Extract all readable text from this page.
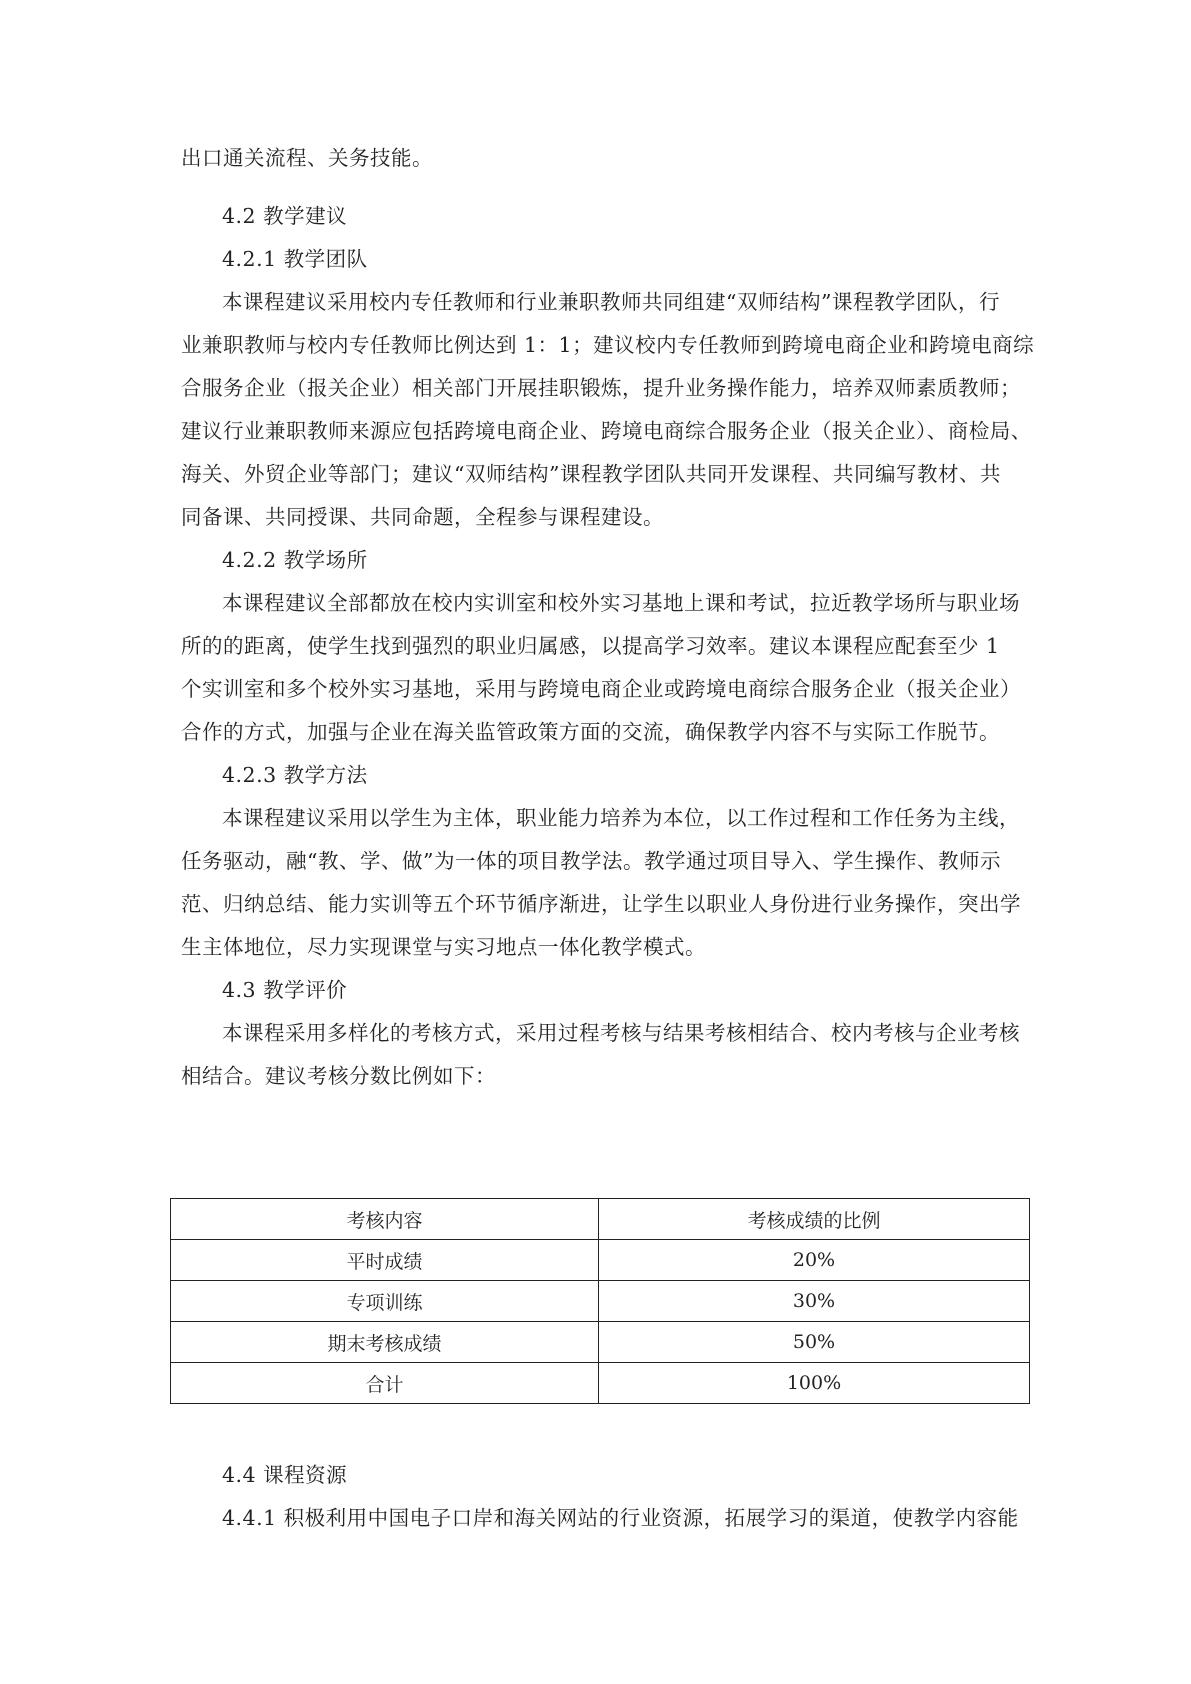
出口通关流程、关务技能。
4.2 教学建议
4.2.1 教学团队
本课程建议采用校内专任教师和行业兼职教师共同组建“双师结构”课程教学团队，行
业兼职教师与校内专任教师比例达到 1：1；建议校内专任教师到跨境电商企业和跨境电商综
合服务企业（报关企业）相关部门开展挂职锻炼，提升业务操作能力，培养双师素质教师；
建议行业兼职教师来源应包括跨境电商企业、跨境电商综合服务企业（报关企业）、商检局、
海关、外贸企业等部门；建议“双师结构”课程教学团队共同开发课程、共同编写教材、共
同备课、共同授课、共同命题，全程参与课程建设。
4.2.2 教学场所
本课程建议全部都放在校内实训室和校外实习基地上课和考试，拉近教学场所与职业场
所的的距离，使学生找到强烈的职业归属感，以提高学习效率。建议本课程应配套至少 1
个实训室和多个校外实习基地，采用与跨境电商企业或跨境电商综合服务企业（报关企业）
合作的方式，加强与企业在海关监管政策方面的交流，确保教学内容不与实际工作脱节。
4.2.3 教学方法
本课程建议采用以学生为主体，职业能力培养为本位，以工作过程和工作任务为主线，
任务驱动，融“教、学、做”为一体的项目教学法。教学通过项目导入、学生操作、教师示
范、归纳总结、能力实训等五个环节循序渐进，让学生以职业人身份进行业务操作，突出学
生主体地位，尽力实现课堂与实习地点一体化教学模式。
4.3 教学评价
本课程采用多样化的考核方式，采用过程考核与结果考核相结合、校内考核与企业考核
相结合。建议考核分数比例如下：
考核内容	考核成绩的比例
平时成绩	20%
专项训练	30%
期末考核成绩	50%
合计	100%
4.4 课程资源
4.4.1 积极利用中国电子口岸和海关网站的行业资源，拓展学习的渠道，使教学内容能
